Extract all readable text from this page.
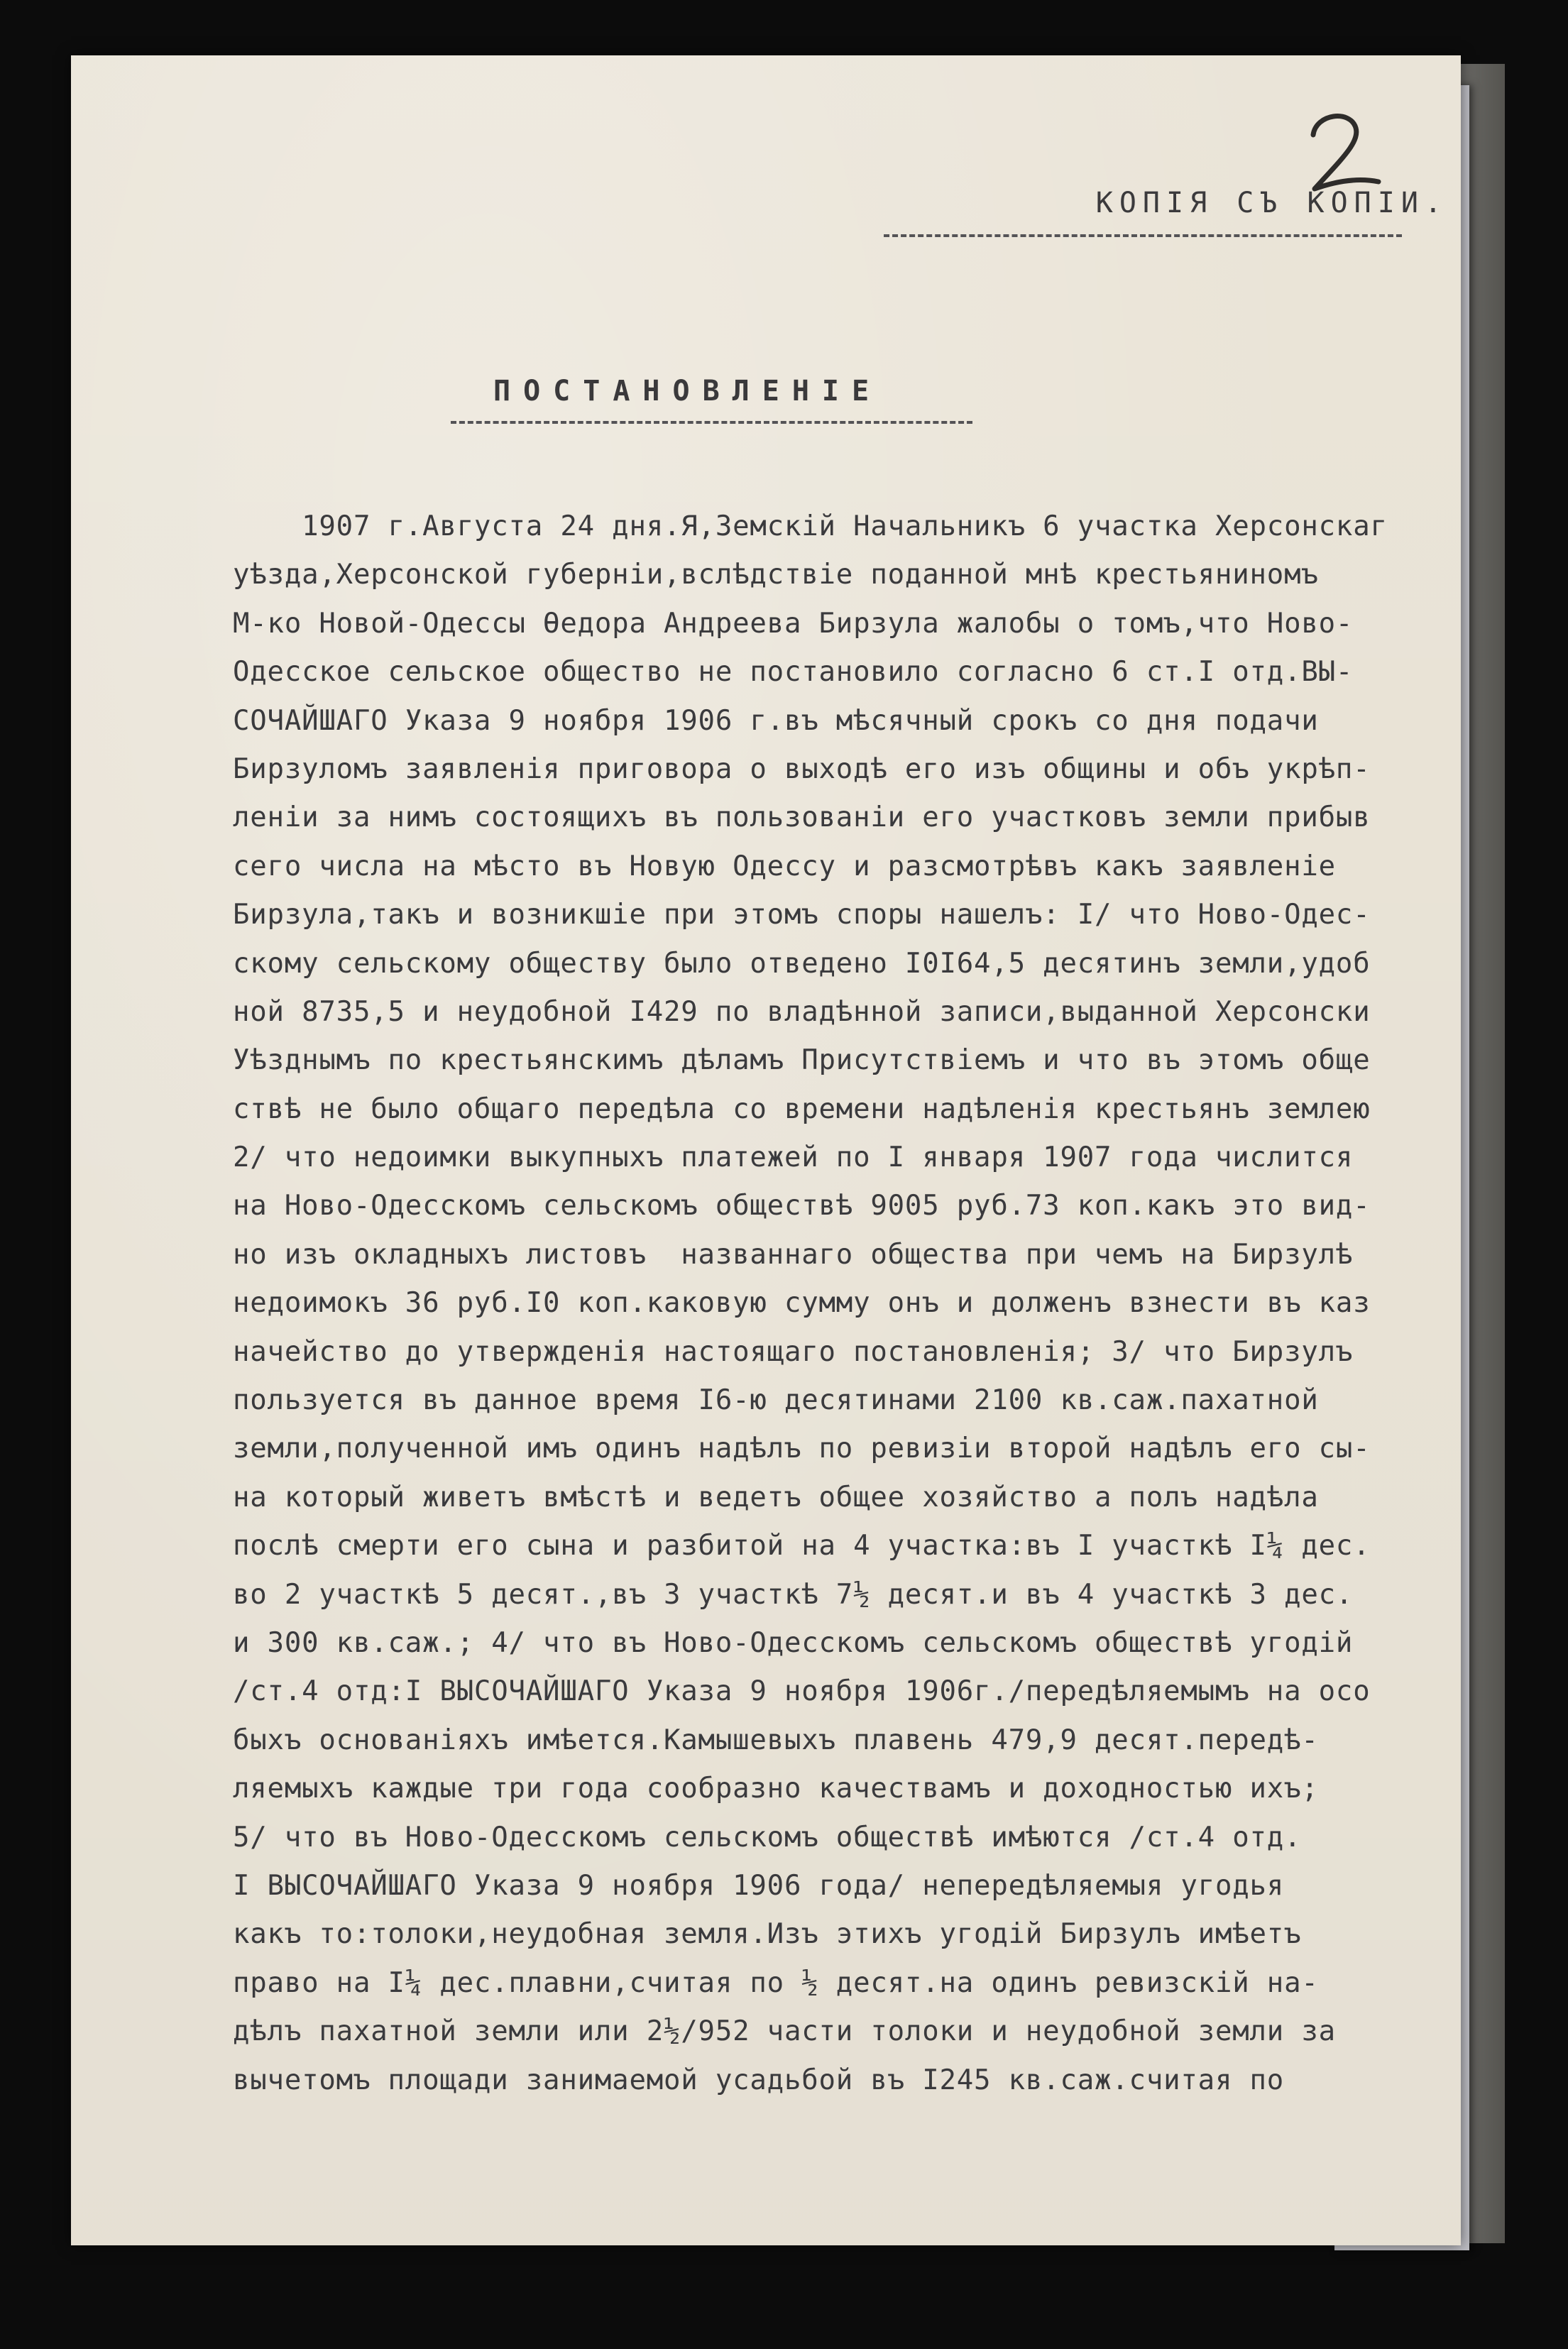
КОПІЯ СЪ КОПІИ.

ПОСТАНОВЛЕНІЕ
1907 г.Августа 24 дня.Я,Земскій Начальникъ 6 участка Херсонскаг
уѣзда,Херсонской губерніи,вслѣдствіе поданной мнѣ крестьяниномъ
М-ко Новой-Одессы Ѳедора Андреева Бирзула жалобы о томъ,что Ново-
Одесское сельское общество не постановило согласно 6 ст.I отд.ВЫ-
СОЧАЙШАГО Указа 9 ноября 1906 г.въ мѣсячный срокъ со дня подачи
Бирзуломъ заявленія приговора о выходѣ его изъ общины и объ укрѣп-
леніи за нимъ состоящихъ въ пользованіи его участковъ земли прибыв
сего числа на мѣсто въ Новую Одессу и разсмотрѣвъ какъ заявленіе
Бирзула,такъ и возникшіе при этомъ споры нашелъ: I/ что Ново-Одес-
скому сельскому обществу было отведено I0I64,5 десятинъ земли,удоб
ной 8735,5 и неудобной I429 по владѣнной записи,выданной Херсонски
Уѣзднымъ по крестьянскимъ дѣламъ Присутствіемъ и что въ этомъ обще
ствѣ не было общаго передѣла со времени надѣленія крестьянъ землею
2/ что недоимки выкупныхъ платежей по I января 1907 года числится
на Ново-Одесскомъ сельскомъ обществѣ 9005 руб.73 коп.какъ это вид-
но изъ окладныхъ листовъ  названнаго общества при чемъ на Бирзулѣ
недоимокъ 36 руб.I0 коп.каковую сумму онъ и долженъ взнести въ каз
начейство до утвержденія настоящаго постановленія; 3/ что Бирзулъ
пользуется въ данное время I6-ю десятинами 2100 кв.саж.пахатной
земли,полученной имъ одинъ надѣлъ по ревизіи второй надѣлъ его сы-
на который живетъ вмѣстѣ и ведетъ общее хозяйство а полъ надѣла
послѣ смерти его сына и разбитой на 4 участка:въ I участкѣ I¼ дес.
во 2 участкѣ 5 десят.,въ 3 участкѣ 7½ десят.и въ 4 участкѣ 3 дес.
и 300 кв.саж.; 4/ что въ Ново-Одесскомъ сельскомъ обществѣ угодій
/ст.4 отд:I ВЫСОЧАЙШАГО Указа 9 ноября 1906г./передѣляемымъ на осо
быхъ основаніяхъ имѣется.Камышевыхъ плавень 479,9 десят.передѣ-
ляемыхъ каждые три года сообразно качествамъ и доходностью ихъ;
5/ что въ Ново-Одесскомъ сельскомъ обществѣ имѣются /ст.4 отд.
I ВЫСОЧАЙШАГО Указа 9 ноября 1906 года/ непередѣляемыя угодья
какъ то:толоки,неудобная земля.Изъ этихъ угодій Бирзулъ имѣетъ
право на I¼ дес.плавни,считая по ½ десят.на одинъ ревизскій на-
дѣлъ пахатной земли или 2½/952 части толоки и неудобной земли за
вычетомъ площади занимаемой усадьбой въ I245 кв.саж.считая по
